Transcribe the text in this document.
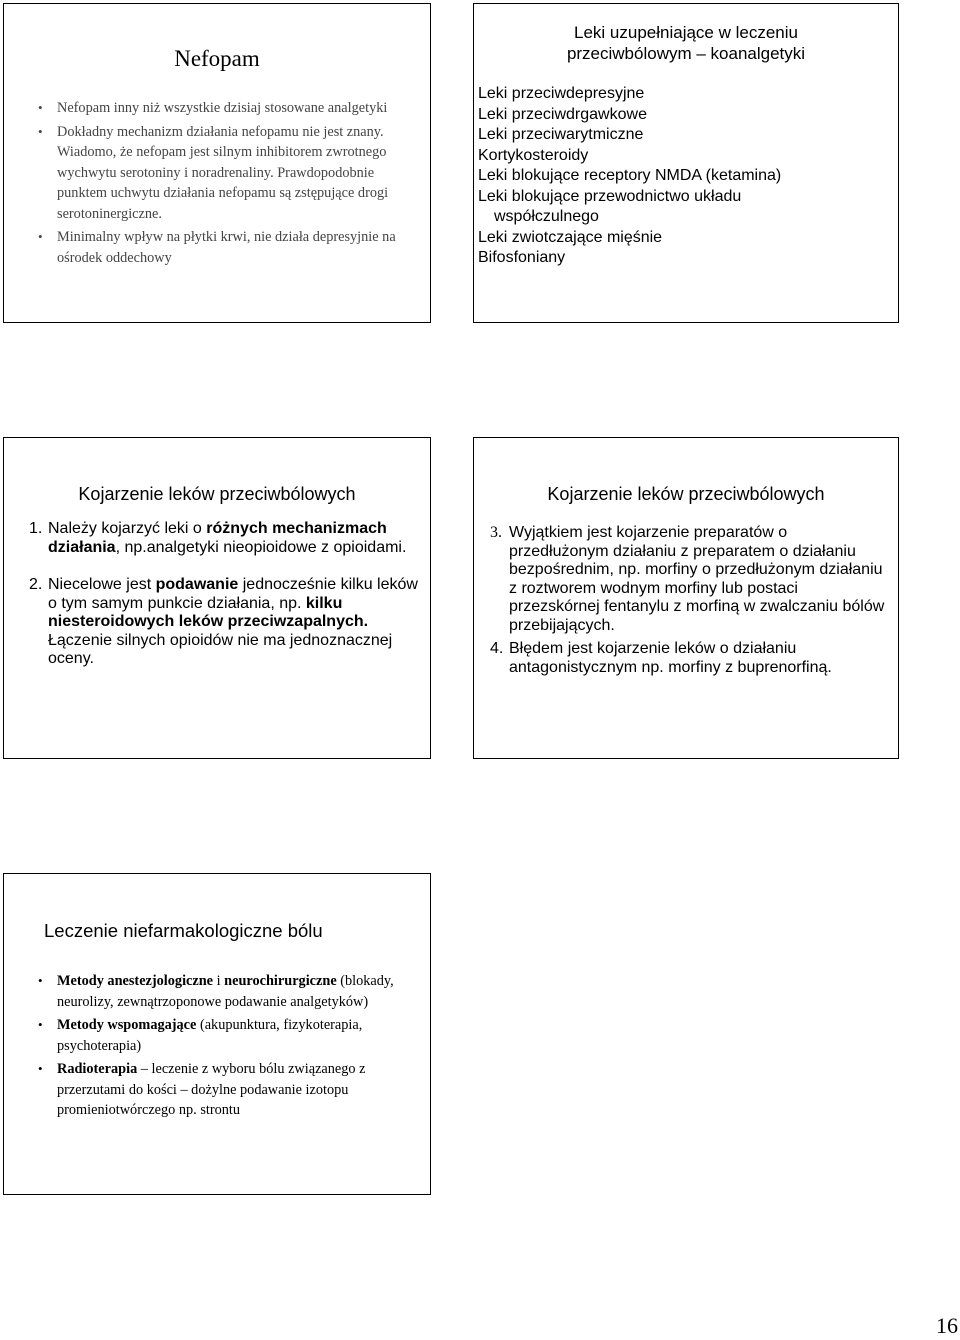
Nefopam
• Nefopam inny niż wszystkie dzisiaj stosowane analgetyki
• Dokładny mechanizm działania nefopamu nie jest znany. Wiadomo, że nefopam jest silnym inhibitorem zwrotnego wychwytu serotoniny i noradrenaliny. Prawdopodobnie punktem uchwytu działania nefopamu są zstępujące drogi serotoninergiczne.
• Minimalny wpływ na płytki krwi, nie działa depresyjnie na ośrodek oddechowy
Leki uzupełniające w leczeniu
przeciwbólowym – koanalgetyki
Leki przeciwdepresyjne
Leki przeciwdrgawkowe
Leki przeciwarytmiczne
Kortykosteroidy
Leki blokujące receptory NMDA (ketamina)
Leki blokujące przewodnictwo układu
współczulnego
Leki zwiotczające mięśnie
Bifosfoniany
Kojarzenie leków przeciwbólowych
1. Należy kojarzyć leki o różnych mechanizmach działania, np.analgetyki nieopioidowe z opioidami.
2. Niecelowe jest podawanie jednocześnie kilku leków o tym samym punkcie działania, np. kilku niesteroidowych leków przeciwzapalnych. Łączenie silnych opioidów nie ma jednoznacznej oceny.
Kojarzenie leków przeciwbólowych
3. Wyjątkiem jest kojarzenie preparatów o przedłużonym działaniu z preparatem o działaniu bezpośrednim, np. morfiny o przedłużonym działaniu z roztworem wodnym morfiny lub postaci przezskórnej fentanylu z morfiną w zwalczaniu bólów przebijających.
4. Błędem jest kojarzenie leków o działaniu antagonistycznym np. morfiny z buprenorfiną.
Leczenie niefarmakologiczne bólu
• Metody anestezjologiczne i neurochirurgiczne (blokady, neurolizy, zewnątrzoponowe podawanie analgetyków)
• Metody wspomagające (akupunktura, fizykoterapia, psychoterapia)
• Radioterapia – leczenie z wyboru bólu związanego z przerzutami do kości – dożylne podawanie izotopu promieniotwórczego np. strontu
16
